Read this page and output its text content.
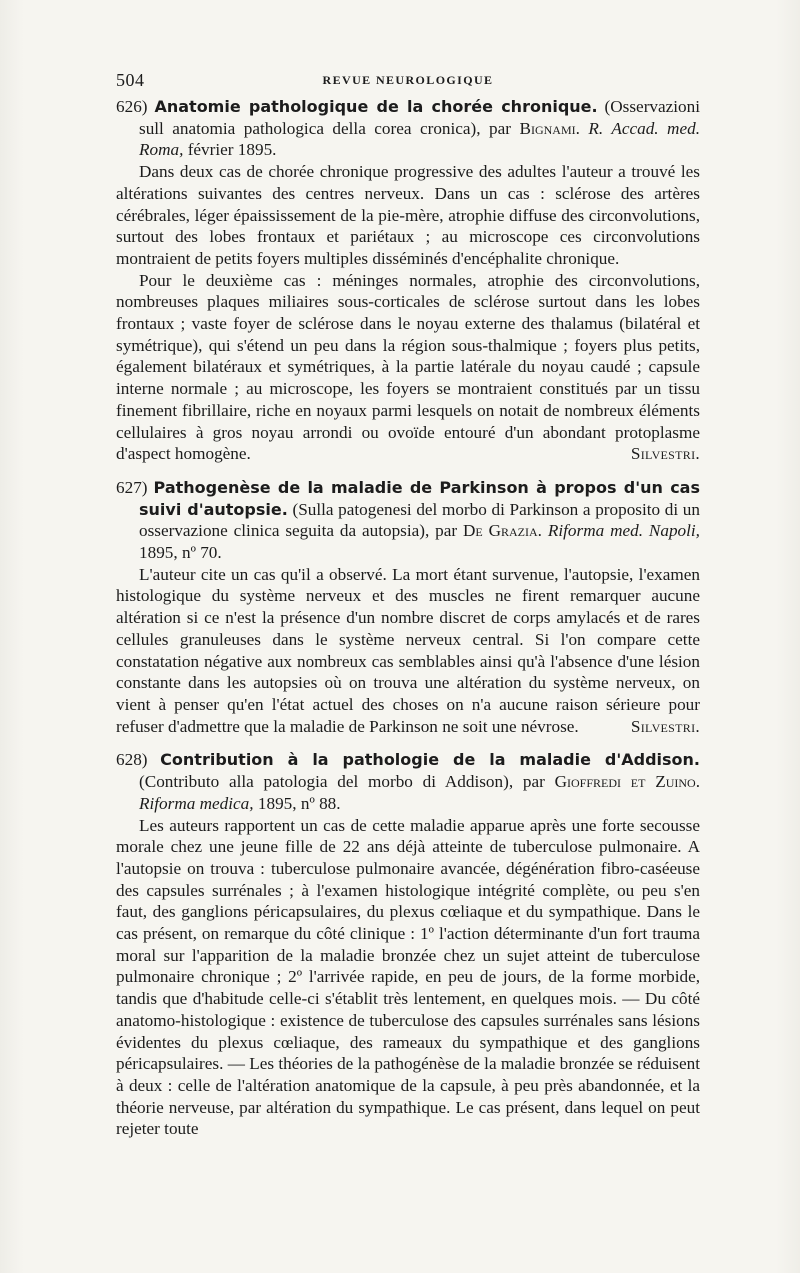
504	REVUE NEUROLOGIQUE

626) Anatomie pathologique de la chorée chronique. (Osservazioni sull anatomia pathologica della corea cronica), par Bignami. R. Accad. med. Roma, février 1895.

Dans deux cas de chorée chronique progressive des adultes l'auteur a trouvé les altérations suivantes des centres nerveux. Dans un cas : sclérose des artères cérébrales, léger épaississement de la pie-mère, atrophie diffuse des circonvolutions, surtout des lobes frontaux et pariétaux ; au microscope ces circonvolutions montraient de petits foyers multiples disséminés d'encéphalite chronique.

Pour le deuxième cas : méninges normales, atrophie des circonvolutions, nombreuses plaques miliaires sous-corticales de sclérose surtout dans les lobes frontaux ; vaste foyer de sclérose dans le noyau externe des thalamus (bilatéral et symétrique), qui s'étend un peu dans la région sous-thalmique ; foyers plus petits, également bilatéraux et symétriques, à la partie latérale du noyau caudé ; capsule interne normale ; au microscope, les foyers se montraient constitués par un tissu finement fibrillaire, riche en noyaux parmi lesquels on notait de nombreux éléments cellulaires à gros noyau arrondi ou ovoïde entouré d'un abondant protoplasme d'aspect homogène.	Silvestri.

627) Pathogenèse de la maladie de Parkinson à propos d'un cas suivi d'autopsie. (Sulla patogenesi del morbo di Parkinson a proposito di un osservazione clinica seguita da autopsia), par De Grazia. Riforma med. Napoli, 1895, nº 70.

L'auteur cite un cas qu'il a observé. La mort étant survenue, l'autopsie, l'examen histologique du système nerveux et des muscles ne firent remarquer aucune altération si ce n'est la présence d'un nombre discret de corps amylacés et de rares cellules granuleuses dans le système nerveux central. Si l'on compare cette constatation négative aux nombreux cas semblables ainsi qu'à l'absence d'une lésion constante dans les autopsies où on trouva une altération du système nerveux, on vient à penser qu'en l'état actuel des choses on n'a aucune raison sérieure pour refuser d'admettre que la maladie de Parkinson ne soit une névrose.	Silvestri.

628) Contribution à la pathologie de la maladie d'Addison. (Contributo alla patologia del morbo di Addison), par Gioffredi et Zuino. Riforma medica, 1895, nº 88.

Les auteurs rapportent un cas de cette maladie apparue après une forte secousse morale chez une jeune fille de 22 ans déjà atteinte de tuberculose pulmonaire. A l'autopsie on trouva : tuberculose pulmonaire avancée, dégénération fibro-caséeuse des capsules surrénales ; à l'examen histologique intégrité complète, ou peu s'en faut, des ganglions péricapsulaires, du plexus cœliaque et du sympathique. Dans le cas présent, on remarque du côté clinique : 1º l'action déterminante d'un fort trauma moral sur l'apparition de la maladie bronzée chez un sujet atteint de tuberculose pulmonaire chronique ; 2º l'arrivée rapide, en peu de jours, de la forme morbide, tandis que d'habitude celle-ci s'établit très lentement, en quelques mois. — Du côté anatomo-histologique : existence de tuberculose des capsules surrénales sans lésions évidentes du plexus cœliaque, des rameaux du sympathique et des ganglions péricapsulaires. — Les théories de la pathogénèse de la maladie bronzée se réduisent à deux : celle de l'altération anatomique de la capsule, à peu près abandonnée, et la théorie nerveuse, par altération du sympathique. Le cas présent, dans lequel on peut rejeter toute
